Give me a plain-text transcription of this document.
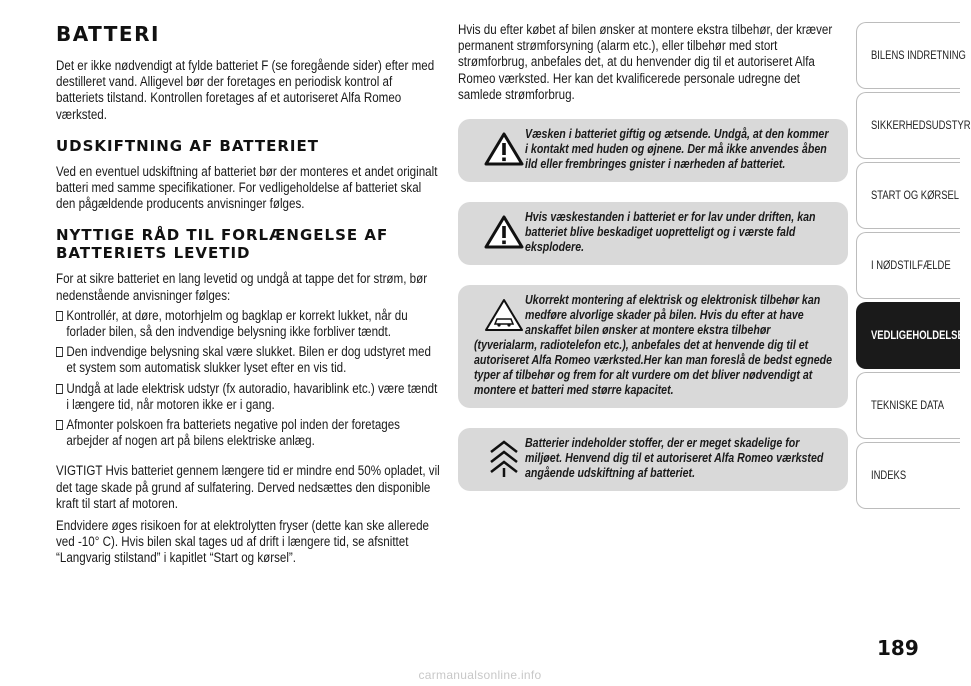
BATTERI

Det er ikke nødvendigt at fylde batteriet F (se foregående sider) efter med destilleret vand. Alligevel bør der foretages en periodisk kontrol af batteriets tilstand. Kontrollen foretages af et autoriseret Alfa Romeo værksted.

UDSKIFTNING AF BATTERIET

Ved en eventuel udskiftning af batteriet bør der monteres et andet originalt batteri med samme specifikationer. For vedligeholdelse af batteriet skal den pågældende producents anvisninger følges.

NYTTIGE RÅD TIL FORLÆNGELSE AF
BATTERIETS LEVETID

For at sikre batteriet en lang levetid og undgå at tappe det for strøm, bør nedenstående anvisninger følges:

Kontrollér, at døre, motorhjelm og bagklap er korrekt lukket, når du forlader bilen, så den indvendige belysning ikke forbliver tændt.
Den indvendige belysning skal være slukket. Bilen er dog udstyret med et system som automatisk slukker lyset efter en vis tid.
Undgå at lade elektrisk udstyr (fx autoradio, havariblink etc.) være tændt i længere tid, når motoren ikke er i gang.
Afmonter polskoen fra batteriets negative pol inden der foretages arbejder af nogen art på bilens elektriske anlæg.

VIGTIGT Hvis batteriet gennem længere tid er mindre end 50% opladet, vil det tage skade på grund af sulfatering. Derved nedsættes den disponible kraft til start af motoren.

Endvidere øges risikoen for at elektrolytten fryser (dette kan ske allerede ved -10° C). Hvis bilen skal tages ud af drift i længere tid, se afsnittet “Langvarig stilstand” i kapitlet “Start og kørsel”.

Hvis du efter købet af bilen ønsker at montere ekstra tilbehør, der kræver permanent strømforsyning (alarm etc.), eller tilbehør med stort strømforbrug, anbefales det, at du henvender dig til et autoriseret Alfa Romeo værksted. Her kan det kvalificerede personale udregne det samlede strømforbrug.

Væsken i batteriet giftig og ætsende. Undgå, at den kommer i kontakt med huden og øjnene. Der må ikke anvendes åben ild eller frembringes gnister i nærheden af batteriet.
Hvis væskestanden i batteriet er for lav under driften, kan batteriet blive beskadiget uopretteligt og i værste fald eksplodere.
Ukorrekt montering af elektrisk og elektronisk tilbehør kan medføre alvorlige skader på bilen. Hvis du efter at have anskaffet bilen ønsker at montere ekstra tilbehør (tyverialarm, radiotelefon etc.), anbefales det at henvende dig til et autoriseret Alfa Romeo værksted.Her kan man foreslå de bedst egnede typer af tilbehør og frem for alt vurdere om det bliver nødvendigt at montere et batteri med større kapacitet.
Batterier indeholder stoffer, der er meget skadelige for miljøet. Henvend dig til et autoriseret Alfa Romeo værksted angående udskiftning af batteriet.
BILENS INDRETNING
SIKKERHEDSUDSTYR
START OG KØRSEL
I NØDSTILFÆLDE
VEDLIGEHOLDELSE
TEKNISKE DATA
INDEKS
189
carmanualsonline.info
